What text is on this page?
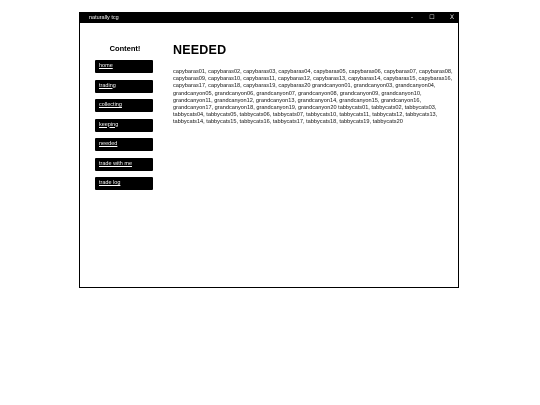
naturally tcg	-	☐	X
Content!
home
trading
collecting
keeping
needed
trade with me
trade log
NEEDED

capybaras01, capybaras02, capybaras03, capybaras04, capybaras05, capybaras06, capybaras07, capybaras08, capybaras09, capybaras10, capybaras11, capybaras12, capybaras13, capybaras14, capybaras15, capybaras16, capybaras17, capybaras18, capybaras19, capybaras20 grandcanyon01, grandcanyon03, grandcanyon04, grandcanyon05, grandcanyon06, grandcanyon07, grandcanyon08, grandcanyon09, grandcanyon10, grandcanyon11, grandcanyon12, grandcanyon13, grandcanyon14, grandcanyon15, grandcanyon16, grandcanyon17, grandcanyon18, grandcanyon19, grandcanyon20 tabbycats01, tabbycats02, tabbycats03, tabbycats04, tabbycats05, tabbycats06, tabbycats07, tabbycats10, tabbycats11, tabbycats12, tabbycats13, tabbycats14, tabbycats15, tabbycats16, tabbycats17, tabbycats18, tabbycats19, tabbycats20
